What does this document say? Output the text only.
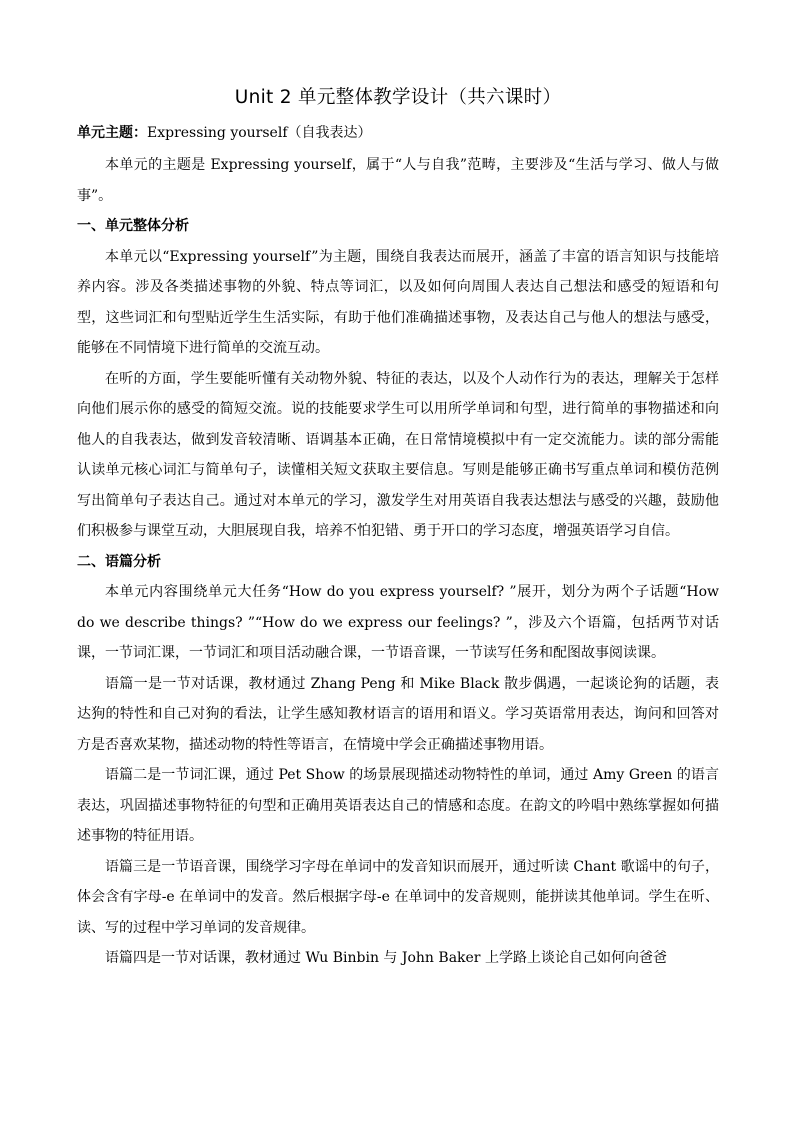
Unit 2 单元整体教学设计（共六课时）

单元主题：Expressing yourself（自我表达）

本单元的主题是 Expressing yourself，属于“人与自我”范畴，主要涉及“生活与学习、做人与做事”。

一、单元整体分析

本单元以“Expressing yourself”为主题，围绕自我表达而展开，涵盖了丰富的语言知识与技能培养内容。涉及各类描述事物的外貌、特点等词汇，以及如何向周围人表达自己想法和感受的短语和句型，这些词汇和句型贴近学生生活实际，有助于他们准确描述事物，及表达自己与他人的想法与感受，能够在不同情境下进行简单的交流互动。

在听的方面，学生要能听懂有关动物外貌、特征的表达，以及个人动作行为的表达，理解关于怎样向他们展示你的感受的简短交流。说的技能要求学生可以用所学单词和句型，进行简单的事物描述和向他人的自我表达，做到发音较清晰、语调基本正确，在日常情境模拟中有一定交流能力。读的部分需能认读单元核心词汇与简单句子，读懂相关短文获取主要信息。写则是能够正确书写重点单词和模仿范例写出简单句子表达自己。通过对本单元的学习，激发学生对用英语自我表达想法与感受的兴趣，鼓励他们积极参与课堂互动，大胆展现自我，培养不怕犯错、勇于开口的学习态度，增强英语学习自信。

二、语篇分析

本单元内容围绕单元大任务“How do you express yourself? ”展开，划分为两个子话题“How do we describe things? ”“How do we express our feelings? ”，涉及六个语篇，包括两节对话课，一节词汇课，一节词汇和项目活动融合课，一节语音课，一节读写任务和配图故事阅读课。

语篇一是一节对话课，教材通过 Zhang Peng 和 Mike Black 散步偶遇，一起谈论狗的话题，表达狗的特性和自己对狗的看法，让学生感知教材语言的语用和语义。学习英语常用表达，询问和回答对方是否喜欢某物，描述动物的特性等语言，在情境中学会正确描述事物用语。

语篇二是一节词汇课，通过 Pet Show 的场景展现描述动物特性的单词，通过 Amy Green 的语言表达，巩固描述事物特征的句型和正确用英语表达自己的情感和态度。在韵文的吟唱中熟练掌握如何描述事物的特征用语。

语篇三是一节语音课，围绕学习字母在单词中的发音知识而展开，通过听读 Chant 歌谣中的句子，体会含有字母-e 在单词中的发音。然后根据字母-e 在单词中的发音规则，能拼读其他单词。学生在听、读、写的过程中学习单词的发音规律。

语篇四是一节对话课，教材通过 Wu Binbin 与 John Baker 上学路上谈论自己如何向爸爸
